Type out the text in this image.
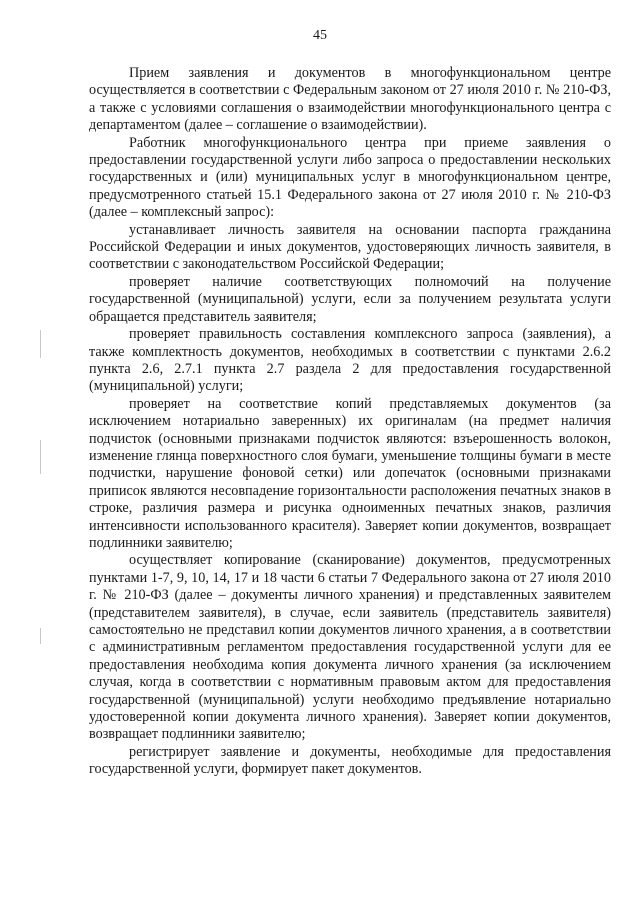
45

Прием заявления и документов в многофункциональном центре осуществляется в соответствии с Федеральным законом от 27 июля 2010 г. № 210-ФЗ, а также с условиями соглашения о взаимодействии многофункционального центра с департаментом (далее – соглашение о взаимодействии).

Работник многофункционального центра при приеме заявления о предоставлении государственной услуги либо запроса о предоставлении нескольких государственных и (или) муниципальных услуг в многофункциональном центре, предусмотренного статьей 15.1 Федерального закона от 27 июля 2010 г. № 210-ФЗ (далее – комплексный запрос):

устанавливает личность заявителя на основании паспорта гражданина Российской Федерации и иных документов, удостоверяющих личность заявителя, в соответствии с законодательством Российской Федерации;

проверяет наличие соответствующих полномочий на получение государственной (муниципальной) услуги, если за получением результата услуги обращается представитель заявителя;

проверяет правильность составления комплексного запроса (заявления), а также комплектность документов, необходимых в соответствии с пунктами 2.6.2 пункта 2.6, 2.7.1 пункта 2.7 раздела 2 для предоставления государственной (муниципальной) услуги;

проверяет на соответствие копий представляемых документов (за исключением нотариально заверенных) их оригиналам (на предмет наличия подчисток (основными признаками подчисток являются: взъерошенность волокон, изменение глянца поверхностного слоя бумаги, уменьшение толщины бумаги в месте подчистки, нарушение фоновой сетки) или допечаток (основными признаками приписок являются несовпадение горизонтальности расположения печатных знаков в строке, различия размера и рисунка одноименных печатных знаков, различия интенсивности использованного красителя). Заверяет копии документов, возвращает подлинники заявителю;

осуществляет копирование (сканирование) документов, предусмотренных пунктами 1-7, 9, 10, 14, 17 и 18 части 6 статьи 7 Федерального закона от 27 июля 2010 г. № 210-ФЗ (далее – документы личного хранения) и представленных заявителем (представителем заявителя), в случае, если заявитель (представитель заявителя) самостоятельно не представил копии документов личного хранения, а в соответствии с административным регламентом предоставления государственной услуги для ее предоставления необходима копия документа личного хранения (за исключением случая, когда в соответствии с нормативным правовым актом для предоставления государственной (муниципальной) услуги необходимо предъявление нотариально удостоверенной копии документа личного хранения). Заверяет копии документов, возвращает подлинники заявителю;

регистрирует заявление и документы, необходимые для предоставления государственной услуги, формирует пакет документов.
